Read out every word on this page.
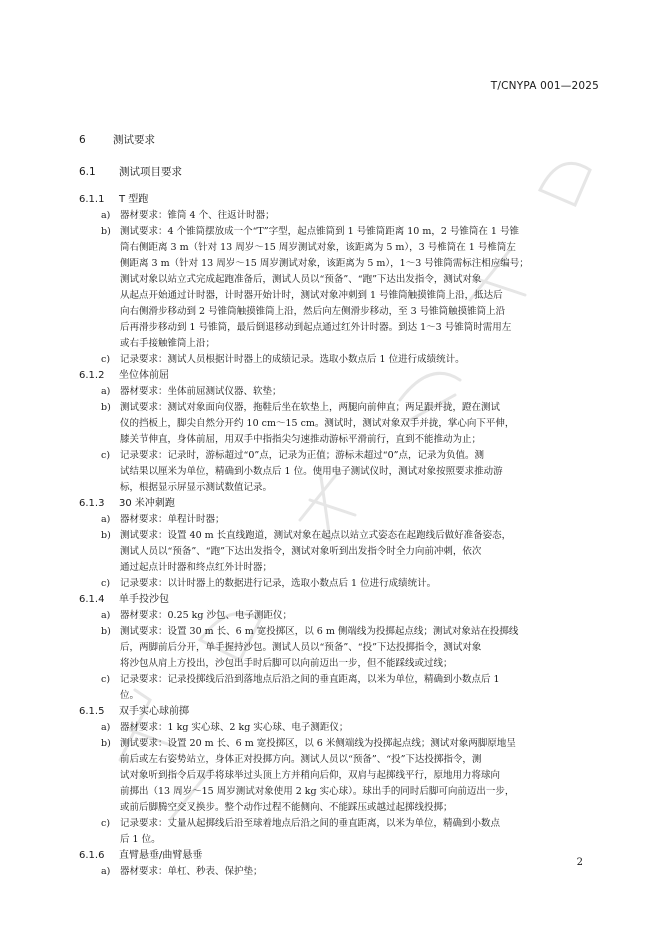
T/CNYPA 001—2025
6	测试要求
6.1 测试项目要求
6.1.1 T 型跑
a) 器材要求：锥筒 4 个、往返计时器；
b) 测试要求：4 个锥筒摆放成一个“T”字型，起点锥筒到 1 号锥筒距离 10 m，2 号锥筒在 1 号锥
筒右侧距离 3 m（针对 13 周岁～15 周岁测试对象，该距离为 5 m），3 号椎筒在 1 号椎筒左
侧距离 3 m（针对 13 周岁～15 周岁测试对象，该距离为 5 m），1～3 号锥筒需标注相应编号；
测试对象以站立式完成起跑准备后，测试人员以“预备”、“跑”下达出发指令，测试对象
从起点开始通过计时器，计时器开始计时，测试对象冲刺到 1 号锥筒触摸锥筒上沿，抵达后
向右侧滑步移动到 2 号锥筒触摸锥筒上沿，然后向左侧滑步移动，至 3 号锥筒触摸锥筒上沿
后再滑步移动到 1 号锥筒，最后倒退移动到起点通过红外计时器。到达 1～3 号锥筒时需用左
或右手接触锥筒上沿；
c) 记录要求：测试人员根据计时器上的成绩记录。选取小数点后 1 位进行成绩统计。
6.1.2 坐位体前屈
a) 器材要求：坐体前屈测试仪器、软垫；
b) 测试要求：测试对象面向仪器，拖鞋后坐在软垫上，两腿向前伸直；两足跟并拢，蹬在测试
仪的挡板上，脚尖自然分开约 10 cm～15 cm。测试时，测试对象双手并拢，掌心向下平伸，
膝关节伸直，身体前屈，用双手中指指尖匀速推动游标平滑前行，直到不能推动为止；
c) 记录要求：记录时，游标超过“0”点，记录为正值；游标未超过“0”点，记录为负值。测
试结果以厘米为单位，精确到小数点后 1 位。使用电子测试仪时，测试对象按照要求推动游
标，根据显示屏显示测试数值记录。
6.1.3 30 米冲刺跑
a) 器材要求：单程计时器；
b) 测试要求：设置 40 m 长直线跑道，测试对象在起点以站立式姿态在起跑线后做好准备姿态，
测试人员以“预备”、“跑”下达出发指令，测试对象听到出发指令时全力向前冲刺，依次
通过起点计时器和终点红外计时器；
c) 记录要求：以计时器上的数据进行记录，选取小数点后 1 位进行成绩统计。
6.1.4 单手投沙包
a) 器材要求：0.25 kg 沙包、电子测距仪；
b) 测试要求：设置 30 m 长、6 m 宽投掷区，以 6 m 侧端线为投掷起点线；测试对象站在投掷线
后，两脚前后分开，单手握持沙包。测试人员以“预备”、“投”下达投掷指令，测试对象
将沙包从肩上方投出，沙包出手时后脚可以向前迈出一步，但不能踩线或过线；
c) 记录要求：记录投掷线后沿到落地点后沿之间的垂直距离，以米为单位，精确到小数点后 1
位。
6.1.5 双手实心球前掷
a) 器材要求：1 kg 实心球、2 kg 实心球、电子测距仪；
b) 测试要求：设置 20 m 长、6 m 宽投掷区，以 6 米侧端线为投掷起点线；测试对象两脚原地呈
前后或左右姿势站立，身体正对投掷方向。测试人员以“预备”、“投”下达投掷指令，测
试对象听到指令后双手将球举过头顶上方并稍向后仰，双肩与起掷线平行，原地用力将球向
前掷出（13 周岁～15 周岁测试对象使用 2 kg 实心球）。球出手的同时后脚可向前迈出一步，
或前后脚腾空交叉换步。整个动作过程不能侧向、不能踩压或越过起掷线投掷；
c) 记录要求：丈量从起掷线后沿至球着地点后沿之间的垂直距离，以米为单位，精确到小数点
后 1 位。
6.1.6 直臂悬垂/曲臂悬垂
a) 器材要求：单杠、秒表、保护垫；
2
